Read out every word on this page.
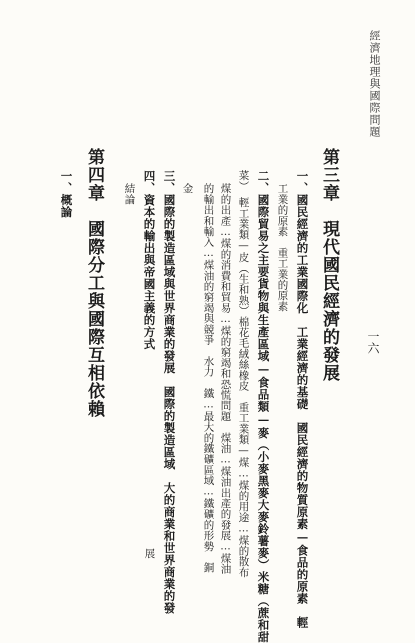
經濟地理與國際問題
一六
第三章　現代國民經濟的發展
一、國民經濟的工業國際化　工業經濟的基礎　國民經濟的物質原素—食品的原素　輕
工業的原素　重工業的原素
二、國際貿易之主要貨物與生產區域—食品類—麥（小麥黑麥大麥鈴薯麥）米糖（蔗和甜
菜）　輕工業類—皮（生和熟）棉花毛絨絲橡皮　重工業類—煤…煤的用途…煤的散布
煤的出產…煤的消費和貿易…煤的窮竭和恐慌問題　煤油…煤油出產的發展…煤油
的輸出和輸入…煤油的窮竭與競爭　水力　鐵…最大的鐵礦區域…鐵礦的形勢　銅
金
三、國際的製造區域與世界商業的發展　國際的製造區域　大的商業和世界商業的發
展
四、資本的輸出與帝國主義的方式
結論
第四章　國際分工與國際互相依賴
一、概論
